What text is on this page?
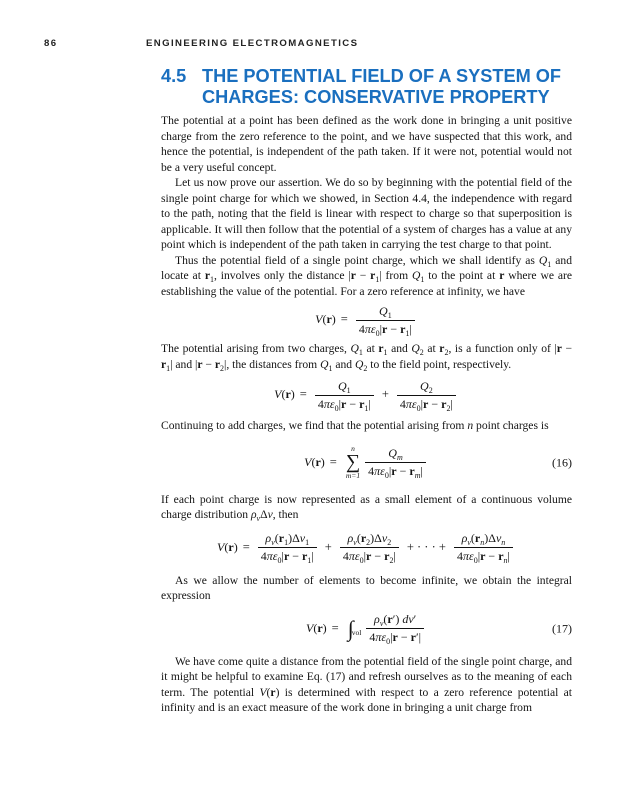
86	ENGINEERING ELECTROMAGNETICS
4.5 THE POTENTIAL FIELD OF A SYSTEM OF
CHARGES: CONSERVATIVE PROPERTY

The potential at a point has been defined as the work done in bringing a unit positive charge from the zero reference to the point, and we have suspected that this work, and hence the potential, is independent of the path taken. If it were not, potential would not be a very useful concept.

Let us now prove our assertion. We do so by beginning with the potential field of the single point charge for which we showed, in Section 4.4, the independence with regard to the path, noting that the field is linear with respect to charge so that superposition is applicable. It will then follow that the potential of a system of charges has a value at any point which is independent of the path taken in carrying the test charge to that point.

Thus the potential field of a single point charge, which we shall identify as $Q_1$ and locate at $r_1$, involves only the distance $|r - r_1|$ from $Q_1$ to the point at r where we are establishing the value of the potential. For a zero reference at infinity, we have

V ( r ) = $\frac{Q_1}{4\pi\varepsilon_0|r - r_1|}$

The potential arising from two charges, $Q_1$ at $r_1$ and $Q_2$ at $r_2$, is a function only of $|r - r_1|$ and $|r - r_2|$, the distances from $Q_1$ and $Q_2$ to the field point, respectively.

V ( r ) = $\frac{Q_1}{4\pi\varepsilon_0|r - r_1|} + \frac{Q_2}{4\pi\varepsilon_0|r - r_2|}$

Continuing to add charges, we find that the potential arising from n point charges is

V ( r ) =
n
∑
$m=1 \frac{Q_m}{4\pi\varepsilon_0|r - r_m|}$	(16)

If each point charge is now represented as a small element of a continuous volume charge distribution $\rho_\nu\Delta\nu$, then

V ( r ) = $\frac{\rho_\nu(r_1)\Delta\nu_1}{4\pi\varepsilon_0|r - r_1|} + \frac{\rho_\nu(r_2)\Delta\nu_2}{4\pi\varepsilon_0|r - r_2|}$ + · · · + $\frac{\rho_\nu(r_n)\Delta\nu_n}{4\pi\varepsilon_0|r - r_n|}$

As we allow the number of elements to become infinite, we obtain the integral expression

V ( r ) = ∫
vol $\frac{\rho_\nu(r') d\nu'}{4\pi\varepsilon_0|r - r'|}$	(17)

We have come quite a distance from the potential field of the single point charge, and it might be helpful to examine Eq. (17) and refresh ourselves as to the meaning of each term. The potential V(r) is determined with respect to a zero reference potential at infinity and is an exact measure of the work done in bringing a unit charge from
